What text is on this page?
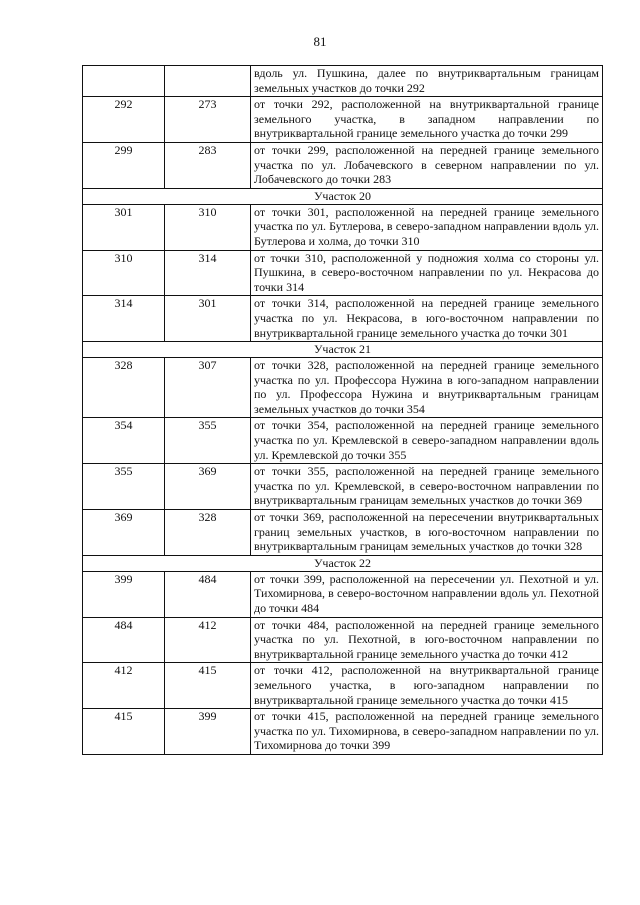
81
		вдоль ул. Пушкина, далее по внутриквартальным границам земельных участков до точки 292
292	273	от точки 292, расположенной на внутриквартальной границе земельного участка, в западном направлении по внутриквартальной границе земельного участка до точки 299
299	283	от точки 299, расположенной на передней границе земельного участка по ул. Лобачевского в северном направлении по ул. Лобачевского до точки 283
Участок 20		
301	310	от точки 301, расположенной на передней границе земельного участка по ул. Бутлерова, в северо-западном направлении вдоль ул. Бутлерова и холма, до точки 310
310	314	от точки 310, расположенной у подножия холма со стороны ул. Пушкина, в северо-восточном направлении по ул. Некрасова до точки 314
314	301	от точки 314, расположенной на передней границе земельного участка по ул. Некрасова, в юго-восточном направлении по внутриквартальной границе земельного участка до точки 301
Участок 21		
328	307	от точки 328, расположенной на передней границе земельного участка по ул. Профессора Нужина в юго-западном направлении по ул. Профессора Нужина и внутриквартальным границам земельных участков до точки 354
354	355	от точки 354, расположенной на передней границе земельного участка по ул. Кремлевской в северо-западном направлении вдоль ул. Кремлевской до точки 355
355	369	от точки 355, расположенной на передней границе земельного участка по ул. Кремлевской, в северо-восточном направлении по внутриквартальным границам земельных участков до точки 369
369	328	от точки 369, расположенной на пересечении внутриквартальных границ земельных участков, в юго-восточном направлении по внутриквартальным границам земельных участков до точки 328
Участок 22		
399	484	от точки 399, расположенной на пересечении ул. Пехотной и ул. Тихомирнова, в северо-восточном направлении вдоль ул. Пехотной до точки 484
484	412	от точки 484, расположенной на передней границе земельного участка по ул. Пехотной, в юго-восточном направлении по внутриквартальной границе земельного участка до точки 412
412	415	от точки 412, расположенной на внутриквартальной границе земельного участка, в юго-западном направлении по внутриквартальной границе земельного участка до точки 415
415	399	от точки 415, расположенной на передней границе земельного участка по ул. Тихомирнова, в северо-западном направлении по ул. Тихомирнова до точки 399
